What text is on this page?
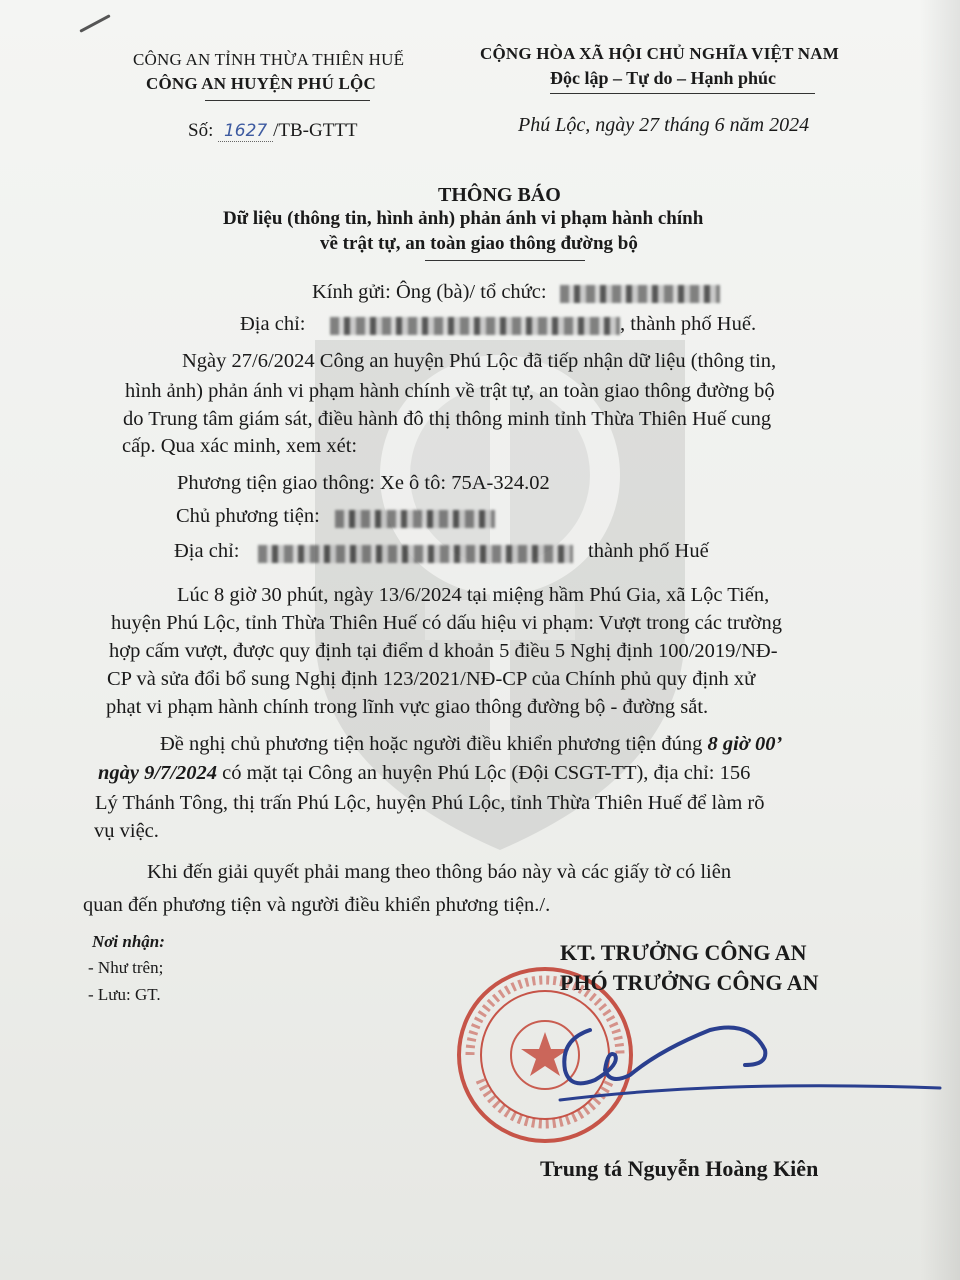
CÔNG AN TỈNH THỪA THIÊN HUẾ
CÔNG AN HUYỆN PHÚ LỘC
Số: 1627 /TB-GTTT
CỘNG HÒA XÃ HỘI CHỦ NGHĨA VIỆT NAM
Độc lập – Tự do – Hạnh phúc
Phú Lộc, ngày 27 tháng 6 năm 2024
THÔNG BÁO
Dữ liệu (thông tin, hình ảnh) phản ánh vi phạm hành chính
về trật tự, an toàn giao thông đường bộ
Kính gửi: Ông (bà)/ tổ chức:
Địa chỉ:	, thành phố Huế.
Ngày 27/6/2024 Công an huyện Phú Lộc đã tiếp nhận dữ liệu (thông tin,
hình ảnh) phản ánh vi phạm hành chính về trật tự, an toàn giao thông đường bộ
do Trung tâm giám sát, điều hành đô thị thông minh tỉnh Thừa Thiên Huế cung
cấp. Qua xác minh, xem xét:
Phương tiện giao thông: Xe ô tô: 75A-324.02
Chủ phương tiện:
Địa chỉ:	thành phố Huế
Lúc 8 giờ 30 phút, ngày 13/6/2024 tại miệng hầm Phú Gia, xã Lộc Tiến,
huyện Phú Lộc, tỉnh Thừa Thiên Huế có dấu hiệu vi phạm: Vượt trong các trường
hợp cấm vượt, được quy định tại điểm d khoản 5 điều 5 Nghị định 100/2019/NĐ-
CP và sửa đổi bổ sung Nghị định 123/2021/NĐ-CP của Chính phủ quy định xử
phạt vi phạm hành chính trong lĩnh vực giao thông đường bộ - đường sắt.
Đề nghị chủ phương tiện hoặc người điều khiển phương tiện đúng 8 giờ 00’
ngày 9/7/2024 có mặt tại Công an huyện Phú Lộc (Đội CSGT-TT), địa chỉ: 156
Lý Thánh Tông, thị trấn Phú Lộc, huyện Phú Lộc, tỉnh Thừa Thiên Huế để làm rõ
vụ việc.
Khi đến giải quyết phải mang theo thông báo này và các giấy tờ có liên
quan đến phương tiện và người điều khiển phương tiện./.
Nơi nhận:
- Như trên;
- Lưu: GT.
KT. TRƯỞNG CÔNG AN
PHÓ TRƯỞNG CÔNG AN
Trung tá Nguyễn Hoàng Kiên
